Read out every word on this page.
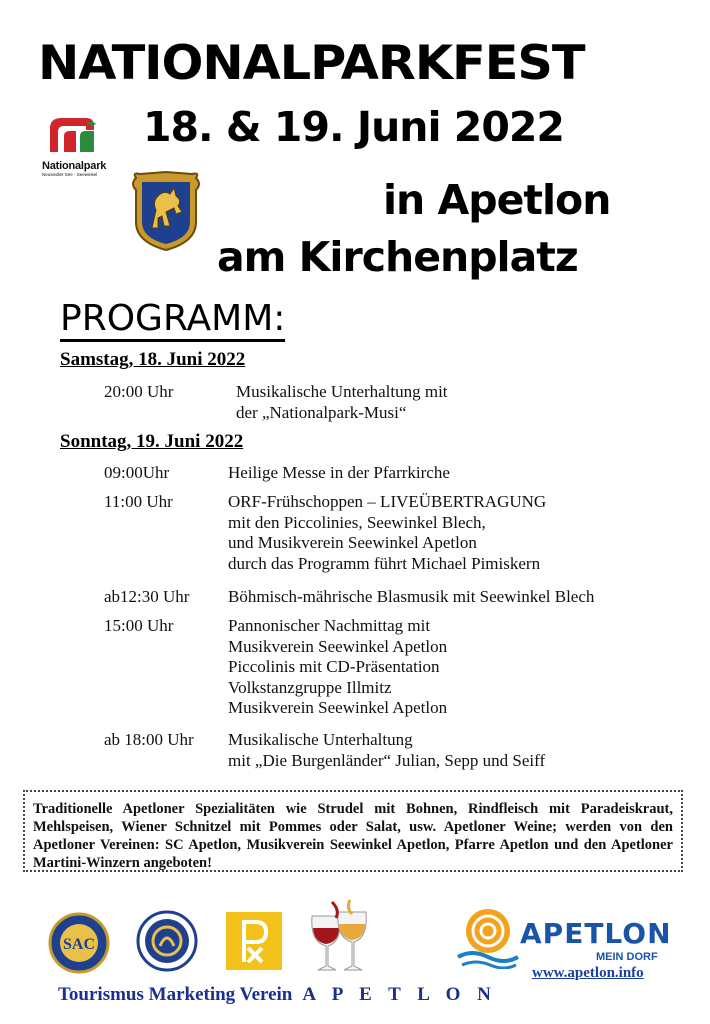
NATIONALPARKFEST
18. & 19. Juni 2022
in Apetlon
am Kirchenplatz
Nationalpark
Neusiedler See - Seewinkel
PROGRAMM:
Samstag, 18. Juni 2022
20:00 Uhr	Musikalische Unterhaltung mit
der „Nationalpark-Musi“
Sonntag, 19. Juni 2022
09:00Uhr	Heilige Messe in der Pfarrkirche
11:00 Uhr	ORF-Frühschoppen – LIVEÜBERTRAGUNG
mit den Piccolinies, Seewinkel Blech,
und Musikverein Seewinkel Apetlon
durch das Programm führt Michael Pimiskern
ab12:30 Uhr Böhmisch-mährische Blasmusik mit Seewinkel Blech
15:00 Uhr	Pannonischer Nachmittag mit
Musikverein Seewinkel Apetlon
Piccolinis mit CD-Präsentation
Volkstanzgruppe Illmitz
Musikverein Seewinkel Apetlon
ab 18:00 Uhr Musikalische Unterhaltung
mit „Die Burgenländer“ Julian, Sepp und Seiff

Traditionelle Apetloner Spezialitäten wie Strudel mit Bohnen, Rindfleisch mit Paradeiskraut, Mehlspeisen, Wiener Schnitzel mit Pommes oder Salat, usw. Apetloner Weine; werden von den Apetloner Vereinen: SC Apetlon, Musikverein Seewinkel Apetlon, Pfarre Apetlon und den Apetloner Martini-Winzern angeboten!

SAC	APETLON
MEIN DORF
www.apetlon.info
Tourismus Marketing Verein A P E T L O N
